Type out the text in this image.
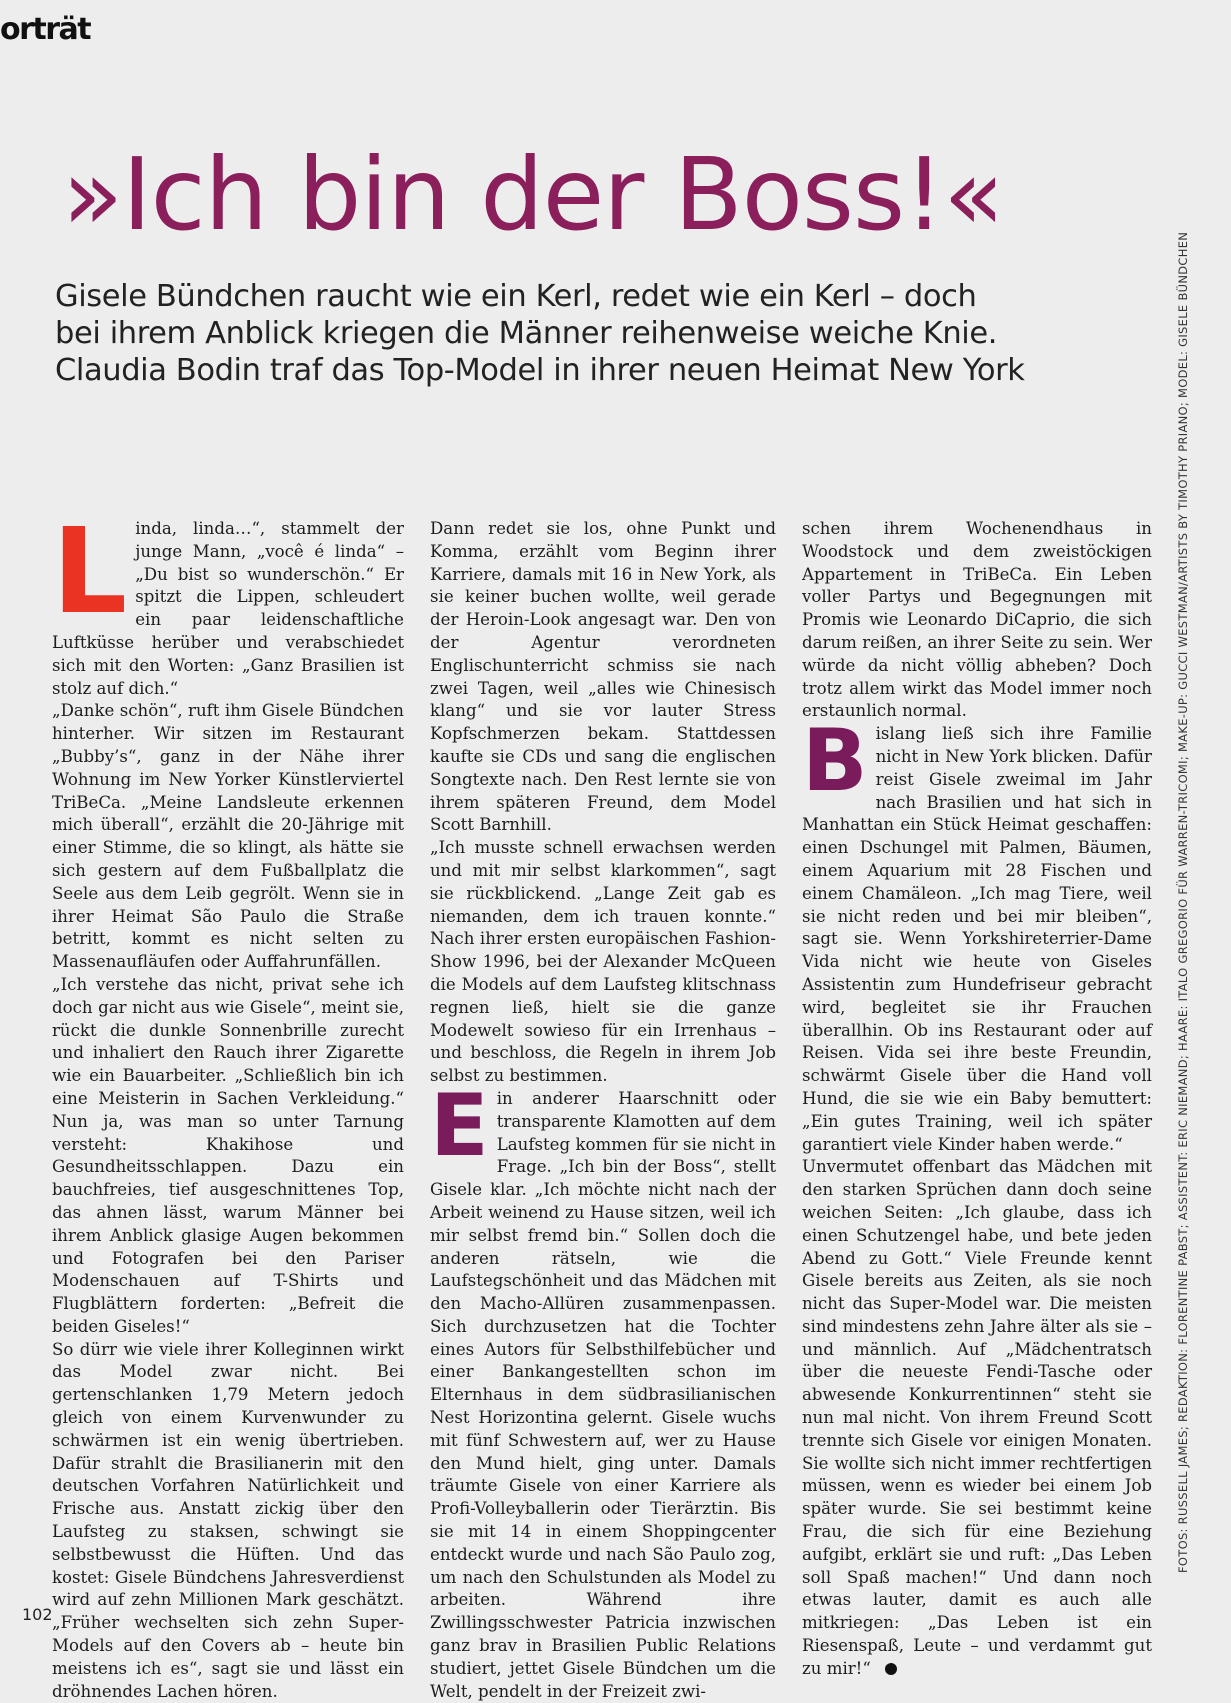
orträt
»Ich bin der Boss!«
Gisele Bündchen raucht wie ein Kerl, redet wie ein Kerl – doch
bei ihrem Anblick kriegen die Männer reihenweise weiche Knie.
Claudia Bodin traf das Top-Model in ihrer neuen Heimat New York	FOTOS: RUSSELL JAMES; REDAKTION: FLORENTINE PABST; ASSISTENT: ERIC NIEMAND; HAARE: ITALO GREGORIO FÜR WARREN-TRICOMI; MAKE-UP: GUCCI WESTMAN/ARTISTS BY TIMOTHY PRIANO; MODEL: GISELE BÜNDCHEN

Linda, linda…“, stammelt der junge Mann, „você é linda“ – „Du bist so wunderschön.“ Er spitzt die Lippen, schleudert ein paar leidenschaftliche Luftküsse herüber und verabschiedet sich mit den Worten: „Ganz Brasilien ist stolz auf dich.“

„Danke schön“, ruft ihm Gisele Bündchen hinterher. Wir sitzen im Restaurant „Bubby’s“, ganz in der Nähe ihrer Wohnung im New Yorker Künstlerviertel TriBeCa. „Meine Landsleute erkennen mich überall“, erzählt die 20-Jährige mit einer Stimme, die so klingt, als hätte sie sich gestern auf dem Fußballplatz die Seele aus dem Leib gegrölt. Wenn sie in ihrer Heimat São Paulo die Straße betritt, kommt es nicht selten zu Massenaufläufen oder Auffahrunfällen.

„Ich verstehe das nicht, privat sehe ich doch gar nicht aus wie Gisele“, meint sie, rückt die dunkle Sonnenbrille zurecht und inhaliert den Rauch ihrer Zigarette wie ein Bauarbeiter. „Schließlich bin ich eine Meisterin in Sachen Verkleidung.“ Nun ja, was man so unter Tarnung versteht: Khakihose und Gesundheitsschlappen. Dazu ein bauchfreies, tief ausgeschnittenes Top, das ahnen lässt, warum Männer bei ihrem Anblick glasige Augen bekommen und Fotografen bei den Pariser Modenschauen auf T-Shirts und Flugblättern forderten: „Befreit die beiden Giseles!“

So dürr wie viele ihrer Kolleginnen wirkt das Model zwar nicht. Bei gertenschlanken 1,79 Metern jedoch gleich von einem Kurvenwunder zu schwärmen ist ein wenig übertrieben. Dafür strahlt die Brasilianerin mit den deutschen Vorfahren Natürlichkeit und Frische aus. Anstatt zickig über den Laufsteg zu staksen, schwingt sie selbstbewusst die Hüften. Und das kostet: Gisele Bündchens Jahresverdienst wird auf zehn Millionen Mark geschätzt. „Früher wechselten sich zehn Super-Models auf den Covers ab – heute bin meistens ich es“, sagt sie und lässt ein dröhnendes Lachen hören.

Dann redet sie los, ohne Punkt und Komma, erzählt vom Beginn ihrer Karriere, damals mit 16 in New York, als sie keiner buchen wollte, weil gerade der Heroin-Look angesagt war. Den von der Agentur verordneten Englischunterricht schmiss sie nach zwei Tagen, weil „alles wie Chinesisch klang“ und sie vor lauter Stress Kopfschmerzen bekam. Stattdessen kaufte sie CDs und sang die englischen Songtexte nach. Den Rest lernte sie von ihrem späteren Freund, dem Model Scott Barnhill.

„Ich musste schnell erwachsen werden und mit mir selbst klarkommen“, sagt sie rückblickend. „Lange Zeit gab es niemanden, dem ich trauen konnte.“ Nach ihrer ersten europäischen Fashion-Show 1996, bei der Alexander McQueen die Models auf dem Laufsteg klitschnass regnen ließ, hielt sie die ganze Modewelt sowieso für ein Irrenhaus – und beschloss, die Regeln in ihrem Job selbst zu bestimmen.

Ein anderer Haarschnitt oder transparente Klamotten auf dem Laufsteg kommen für sie nicht in Frage. „Ich bin der Boss“, stellt Gisele klar. „Ich möchte nicht nach der Arbeit weinend zu Hause sitzen, weil ich mir selbst fremd bin.“ Sollen doch die anderen rätseln, wie die Laufstegschönheit und das Mädchen mit den Macho-Allüren zusammenpassen. Sich durchzusetzen hat die Tochter eines Autors für Selbsthilfebücher und einer Bankangestellten schon im Elternhaus in dem südbrasilianischen Nest Horizontina gelernt. Gisele wuchs mit fünf Schwestern auf, wer zu Hause den Mund hielt, ging unter. Damals träumte Gisele von einer Karriere als Profi-Volleyballerin oder Tierärztin. Bis sie mit 14 in einem Shoppingcenter entdeckt wurde und nach São Paulo zog, um nach den Schulstunden als Model zu arbeiten. Während ihre Zwillingsschwester Patricia inzwischen ganz brav in Brasilien Public Relations studiert, jettet Gisele Bündchen um die Welt, pendelt in der Freizeit zwi-

schen ihrem Wochenendhaus in Woodstock und dem zweistöckigen Appartement in TriBeCa. Ein Leben voller Partys und Begegnungen mit Promis wie Leonardo DiCaprio, die sich darum reißen, an ihrer Seite zu sein. Wer würde da nicht völlig abheben? Doch trotz allem wirkt das Model immer noch erstaunlich normal.

Bislang ließ sich ihre Familie nicht in New York blicken. Dafür reist Gisele zweimal im Jahr nach Brasilien und hat sich in Manhattan ein Stück Heimat geschaffen: einen Dschungel mit Palmen, Bäumen, einem Aquarium mit 28 Fischen und einem Chamäleon. „Ich mag Tiere, weil sie nicht reden und bei mir bleiben“, sagt sie. Wenn Yorkshireterrier-Dame Vida nicht wie heute von Giseles Assistentin zum Hundefriseur gebracht wird, begleitet sie ihr Frauchen überallhin. Ob ins Restaurant oder auf Reisen. Vida sei ihre beste Freundin, schwärmt Gisele über die Hand voll Hund, die sie wie ein Baby bemuttert: „Ein gutes Training, weil ich später garantiert viele Kinder haben werde.“

Unvermutet offenbart das Mädchen mit den starken Sprüchen dann doch seine weichen Seiten: „Ich glaube, dass ich einen Schutzengel habe, und bete jeden Abend zu Gott.“ Viele Freunde kennt Gisele bereits aus Zeiten, als sie noch nicht das Super-Model war. Die meisten sind mindestens zehn Jahre älter als sie – und männlich. Auf „Mädchentratsch über die neueste Fendi-Tasche oder abwesende Konkurrentinnen“ steht sie nun mal nicht. Von ihrem Freund Scott trennte sich Gisele vor einigen Monaten. Sie wollte sich nicht immer rechtfertigen müssen, wenn es wieder bei einem Job später wurde. Sie sei bestimmt keine Frau, die sich für eine Beziehung aufgibt, erklärt sie und ruft: „Das Leben soll Spaß machen!“ Und dann noch etwas lauter, damit es auch alle mitkriegen: „Das Leben ist ein Riesenspaß, Leute – und verdammt gut zu mir!“

102
